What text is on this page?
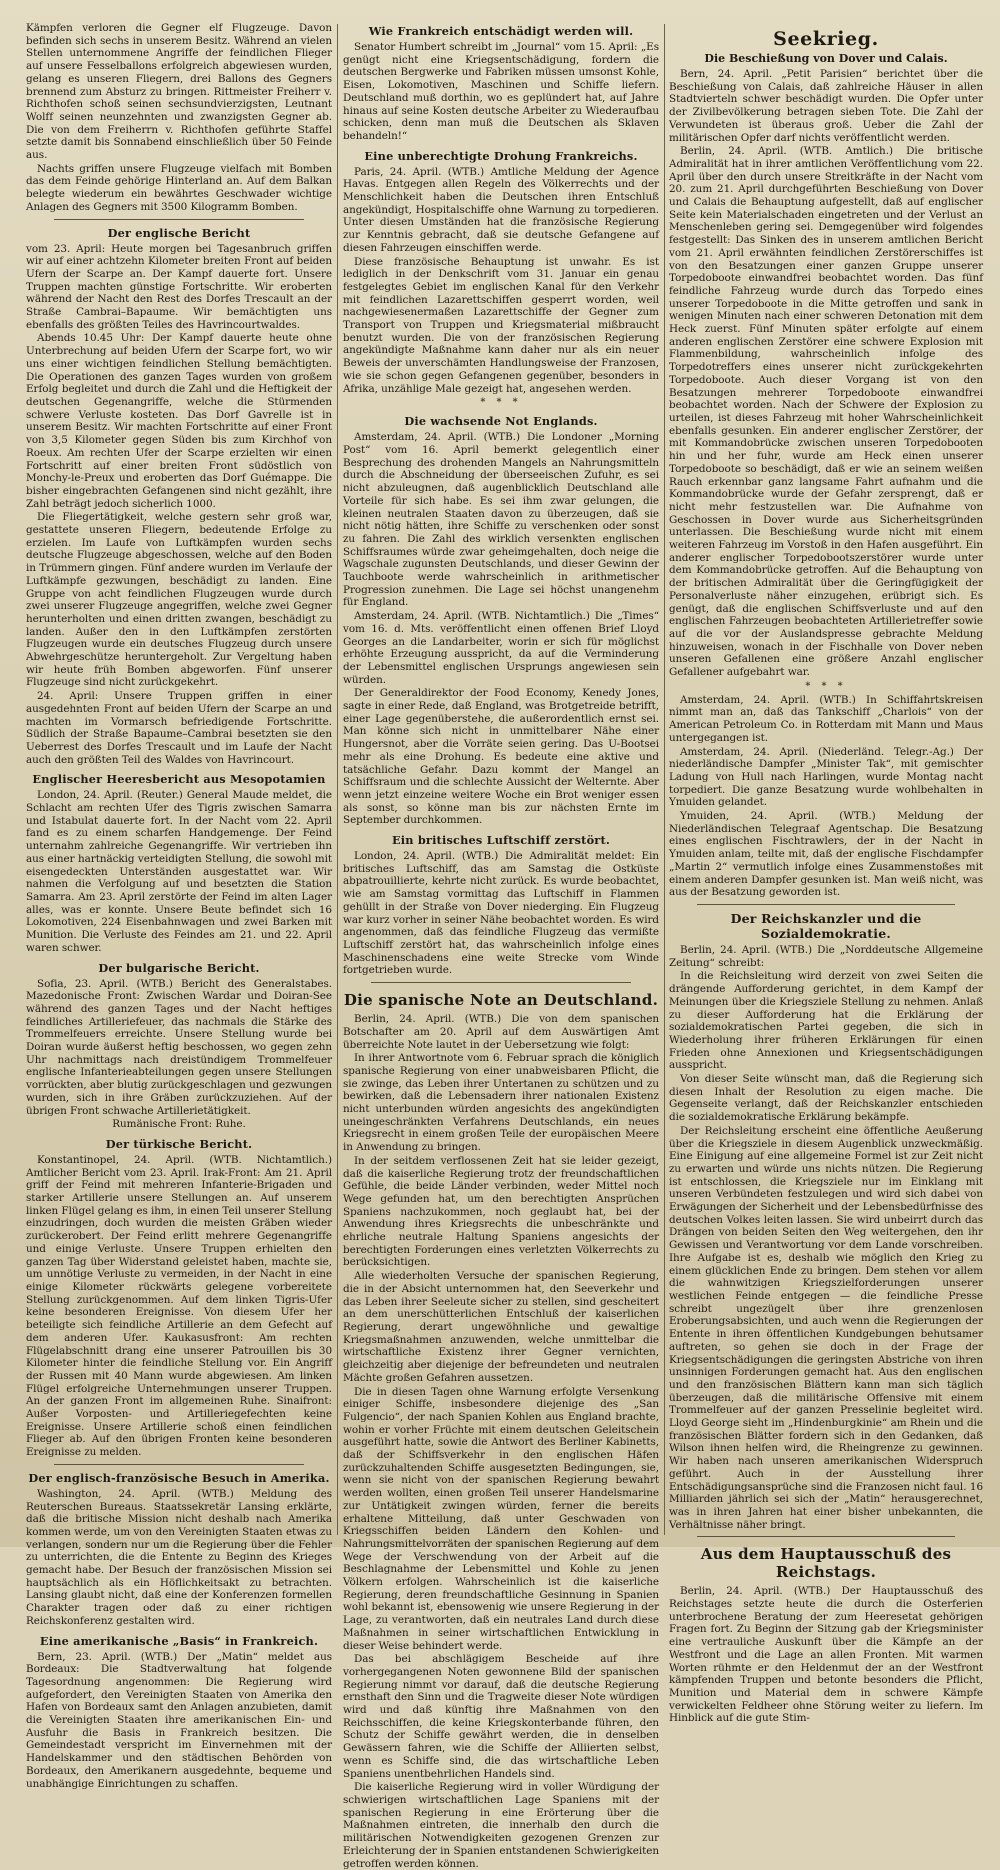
Kämpfen verloren die Gegner elf Flugzeuge. Davon befinden sich sechs in unserem Besitz. Während an vielen Stellen unternommene Angriffe der feindlichen Flieger auf unsere Fesselballons erfolgreich abgewiesen wurden, gelang es unseren Fliegern, drei Ballons des Gegners brennend zum Absturz zu bringen. Rittmeister Freiherr v. Richthofen schoß seinen sechsundvierzigsten, Leutnant Wolff seinen neunzehnten und zwanzigsten Gegner ab. Die von dem Freiherrn v. Richthofen geführte Staffel setzte damit bis Sonnabend einschließlich über 50 Feinde aus.

Nachts griffen unsere Flugzeuge vielfach mit Bomben das dem Feinde gehörige Hinterland an. Auf dem Balkan belegte wiederum ein bewährtes Geschwader wichtige Anlagen des Gegners mit 3500 Kilogramm Bomben.

Der englische Bericht

vom 23. April: Heute morgen bei Tagesanbruch griffen wir auf einer achtzehn Kilometer breiten Front auf beiden Ufern der Scarpe an. Der Kampf dauerte fort. Unsere Truppen machten günstige Fortschritte. Wir eroberten während der Nacht den Rest des Dorfes Trescault an der Straße Cambrai–Bapaume. Wir bemächtigten uns ebenfalls des größten Teiles des Havrincourtwaldes.

Abends 10.45 Uhr: Der Kampf dauerte heute ohne Unterbrechung auf beiden Ufern der Scarpe fort, wo wir uns einer wichtigen feindlichen Stellung bemächtigten. Die Operationen des ganzen Tages wurden von großem Erfolg begleitet und durch die Zahl und die Heftigkeit der deutschen Gegenangriffe, welche die Stürmenden schwere Verluste kosteten. Das Dorf Gavrelle ist in unserem Besitz. Wir machten Fortschritte auf einer Front von 3,5 Kilometer gegen Süden bis zum Kirchhof von Roeux. Am rechten Ufer der Scarpe erzielten wir einen Fortschritt auf einer breiten Front südöstlich von Monchy-le-Preux und eroberten das Dorf Guémappe. Die bisher eingebrachten Gefangenen sind nicht gezählt, ihre Zahl beträgt jedoch sicherlich 1000.

Die Fliegertätigkeit, welche gestern sehr groß war, gestattete unseren Fliegern, bedeutende Erfolge zu erzielen. Im Laufe von Luftkämpfen wurden sechs deutsche Flugzeuge abgeschossen, welche auf den Boden in Trümmern gingen. Fünf andere wurden im Verlaufe der Luftkämpfe gezwungen, beschädigt zu landen. Eine Gruppe von acht feindlichen Flugzeugen wurde durch zwei unserer Flugzeuge angegriffen, welche zwei Gegner herunterholten und einen dritten zwangen, beschädigt zu landen. Außer den in den Luftkämpfen zerstörten Flugzeugen wurde ein deutsches Flugzeug durch unsere Abwehrgeschütze heruntergeholt. Zur Vergeltung haben wir heute früh Bomben abgeworfen. Fünf unserer Flugzeuge sind nicht zurückgekehrt.

24. April: Unsere Truppen griffen in einer ausgedehnten Front auf beiden Ufern der Scarpe an und machten im Vormarsch befriedigende Fortschritte. Südlich der Straße Bapaume–Cambrai besetzten sie den Ueberrest des Dorfes Trescault und im Laufe der Nacht auch den größten Teil des Waldes von Havrincourt.

Englischer Heeresbericht aus Mesopotamien

London, 24. April. (Reuter.) General Maude meldet, die Schlacht am rechten Ufer des Tigris zwischen Samarra und Istabulat dauerte fort. In der Nacht vom 22. April fand es zu einem scharfen Handgemenge. Der Feind unternahm zahlreiche Gegenangriffe. Wir vertrieben ihn aus einer hartnäckig verteidigten Stellung, die sowohl mit eisengedeckten Unterständen ausgestattet war. Wir nahmen die Verfolgung auf und besetzten die Station Samarra. Am 23. April zerstörte der Feind im alten Lager alles, was er konnte. Unsere Beute befindet sich 16 Lokomotiven, 224 Eisenbahnwagen und zwei Barken mit Munition. Die Verluste des Feindes am 21. und 22. April waren schwer.

Der bulgarische Bericht.

Sofia, 23. April. (WTB.) Bericht des Generalstabes. Mazedonische Front: Zwischen Wardar und Doiran-See während des ganzen Tages und der Nacht heftiges feindliches Artilleriefeuer, das nachmals die Stärke des Trommelfeuers erreichte. Unsere Stellung wurde bei Doiran wurde äußerst heftig beschossen, wo gegen zehn Uhr nachmittags nach dreistündigem Trommelfeuer englische Infanterieabteilungen gegen unsere Stellungen vorrückten, aber blutig zurückgeschlagen und gezwungen wurden, sich in ihre Gräben zurückzuziehen. Auf der übrigen Front schwache Artillerietätigkeit.

Rumänische Front: Ruhe.

Der türkische Bericht.

Konstantinopel, 24. April. (WTB. Nichtamtlich.) Amtlicher Bericht vom 23. April. Irak-Front: Am 21. April griff der Feind mit mehreren Infanterie-Brigaden und starker Artillerie unsere Stellungen an. Auf unserem linken Flügel gelang es ihm, in einen Teil unserer Stellung einzudringen, doch wurden die meisten Gräben wieder zurückerobert. Der Feind erlitt mehrere Gegenangriffe und einige Verluste. Unsere Truppen erhielten den ganzen Tag über Widerstand geleistet haben, machte sie, um unnötige Verluste zu vermeiden, in der Nacht in eine einige Kilometer rückwärts gelegene vorbereitete Stellung zurückgenommen. Auf dem linken Tigris-Ufer keine besonderen Ereignisse. Von diesem Ufer her beteiligte sich feindliche Artillerie an dem Gefecht auf dem anderen Ufer. Kaukasusfront: Am rechten Flügelabschnitt drang eine unserer Patrouillen bis 30 Kilometer hinter die feindliche Stellung vor. Ein Angriff der Russen mit 40 Mann wurde abgewiesen. Am linken Flügel erfolgreiche Unternehmungen unserer Truppen. An der ganzen Front im allgemeinen Ruhe. Sinaifront: Außer Vorposten- und Artilleriegefechten keine Ereignisse. Unsere Artillerie schoß einen feindlichen Flieger ab. Auf den übrigen Fronten keine besonderen Ereignisse zu melden.

Der englisch-französische Besuch in Amerika.

Washington, 24. April. (WTB.) Meldung des Reuterschen Bureaus. Staatssekretär Lansing erklärte, daß die britische Mission nicht deshalb nach Amerika kommen werde, um von den Vereinigten Staaten etwas zu verlangen, sondern nur um die Regierung über die Fehler zu unterrichten, die die Entente zu Beginn des Krieges gemacht habe. Der Besuch der französischen Mission sei hauptsächlich als ein Höflichkeitsakt zu betrachten. Lansing glaubt nicht, daß eine der Konferenzen formellen Charakter tragen oder daß zu einer richtigen Reichskonferenz gestalten wird.

Eine amerikanische „Basis“ in Frankreich.

Bern, 23. April. (WTB.) Der „Matin“ meldet aus Bordeaux: Die Stadtverwaltung hat folgende Tagesordnung angenommen: Die Regierung wird aufgefordert, den Vereinigten Staaten von Amerika den Hafen von Bordeaux samt den Anlagen anzubieten, damit die Vereinigten Staaten ihre amerikanischen Ein- und Ausfuhr die Basis in Frankreich besitzen. Die Gemeindestadt verspricht im Einvernehmen mit der Handelskammer und den städtischen Behörden von Bordeaux, den Amerikanern ausgedehnte, bequeme und unabhängige Einrichtungen zu schaffen.

Wie Frankreich entschädigt werden will.

Senator Humbert schreibt im „Journal“ vom 15. April: „Es genügt nicht eine Kriegsentschädigung, fordern die deutschen Bergwerke und Fabriken müssen umsonst Kohle, Eisen, Lokomotiven, Maschinen und Schiffe liefern. Deutschland muß dorthin, wo es geplündert hat, auf Jahre hinaus auf seine Kosten deutsche Arbeiter zu Wiederaufbau schicken, denn man muß die Deutschen als Sklaven behandeln!“

Eine unberechtigte Drohung Frankreichs.

Paris, 24. April. (WTB.) Amtliche Meldung der Agence Havas. Entgegen allen Regeln des Völkerrechts und der Menschlichkeit haben die Deutschen ihren Entschluß angekündigt, Hospitalschiffe ohne Warnung zu torpedieren. Unter diesen Umständen hat die französische Regierung zur Kenntnis gebracht, daß sie deutsche Gefangene auf diesen Fahrzeugen einschiffen werde.

Diese französische Behauptung ist unwahr. Es ist lediglich in der Denkschrift vom 31. Januar ein genau festgelegtes Gebiet im englischen Kanal für den Verkehr mit feindlichen Lazarettschiffen gesperrt worden, weil nachgewiesenermaßen Lazarettschiffe der Gegner zum Transport von Truppen und Kriegsmaterial mißbraucht benutzt wurden. Die von der französischen Regierung angekündigte Maßnahme kann daher nur als ein neuer Beweis der unverschämten Handlungsweise der Franzosen, wie sie schon gegen Gefangenen gegenüber, besonders in Afrika, unzählige Male gezeigt hat, angesehen werden.

* * *
Die wachsende Not Englands.

Amsterdam, 24. April. (WTB.) Die Londoner „Morning Post“ vom 16. April bemerkt gelegentlich einer Besprechung des drohenden Mangels an Nahrungsmitteln durch die Abschneidung der überseeischen Zufuhr, es sei nicht abzuleugnen, daß augenblicklich Deutschland alle Vorteile für sich habe. Es sei ihm zwar gelungen, die kleinen neutralen Staaten davon zu überzeugen, daß sie nicht nötig hätten, ihre Schiffe zu verschenken oder sonst zu fahren. Die Zahl des wirklich versenkten englischen Schiffsraumes würde zwar geheimgehalten, doch neige die Wagschale zugunsten Deutschlands, und dieser Gewinn der Tauchboote werde wahrscheinlich in arithmetischer Progression zunehmen. Die Lage sei höchst unangenehm für England.

Amsterdam, 24. April. (WTB. Nichtamtlich.) Die „Times“ vom 16. d. Mts. veröffentlicht einen offenen Brief Lloyd Georges an die Landarbeiter, worin er sich für möglichst erhöhte Erzeugung ausspricht, da auf die Verminderung der Lebensmittel englischen Ursprungs angewiesen sein würden.

Der Generaldirektor der Food Economy, Kenedy Jones, sagte in einer Rede, daß England, was Brotgetreide betrifft, einer Lage gegenüberstehe, die außerordentlich ernst sei. Man könne sich nicht in unmittelbarer Nähe einer Hungersnot, aber die Vorräte seien gering. Das U-Bootsei mehr als eine Drohung. Es bedeute eine aktive und tatsächliche Gefahr. Dazu kommt der Mangel an Schiffsraum und die schlechte Aussicht der Welternte. Aber wenn jetzt einzeine weitere Woche ein Brot weniger essen als sonst, so könne man bis zur nächsten Ernte im September durchkommen.

Ein britisches Luftschiff zerstört.

London, 24. April. (WTB.) Die Admiralität meldet: Ein britisches Luftschiff, das am Samstag die Ostküste abpatrouillierte, kehrte nicht zurück. Es wurde beobachtet, wie am Samstag vormittag das Luftschiff in Flammen gehüllt in der Straße von Dover niederging. Ein Flugzeug war kurz vorher in seiner Nähe beobachtet worden. Es wird angenommen, daß das feindliche Flugzeug das vermißte Luftschiff zerstört hat, das wahrscheinlich infolge eines Maschinenschadens eine weite Strecke vom Winde fortgetrieben wurde.

Die spanische Note an Deutschland.

Berlin, 24. April. (WTB.) Die von dem spanischen Botschafter am 20. April auf dem Auswärtigen Amt überreichte Note lautet in der Uebersetzung wie folgt:

In ihrer Antwortnote vom 6. Februar sprach die königlich spanische Regierung von einer unabweisbaren Pflicht, die sie zwinge, das Leben ihrer Untertanen zu schützen und zu bewirken, daß die Lebensadern ihrer nationalen Existenz nicht unterbunden würden angesichts des angekündigten uneingeschränkten Verfahrens Deutschlands, ein neues Kriegsrecht in einem großen Teile der europäischen Meere in Anwendung zu bringen.

In der seitdem verflossenen Zeit hat sie leider gezeigt, daß die kaiserliche Regierung trotz der freundschaftlichen Gefühle, die beide Länder verbinden, weder Mittel noch Wege gefunden hat, um den berechtigten Ansprüchen Spaniens nachzukommen, noch geglaubt hat, bei der Anwendung ihres Kriegsrechts die unbeschränkte und ehrliche neutrale Haltung Spaniens angesichts der berechtigten Forderungen eines verletzten Völkerrechts zu berücksichtigen.

Alle wiederholten Versuche der spanischen Regierung, die in der Absicht unternommen hat, den Seeverkehr und das Leben ihrer Seeleute sicher zu stellen, sind gescheitert an dem unerschütterlichen Entschluß der kaiserlichen Regierung, derart ungewöhnliche und gewaltige Kriegsmaßnahmen anzuwenden, welche unmittelbar die wirtschaftliche Existenz ihrer Gegner vernichten, gleichzeitig aber diejenige der befreundeten und neutralen Mächte großen Gefahren aussetzen.

Die in diesen Tagen ohne Warnung erfolgte Versenkung einiger Schiffe, insbesondere diejenige des „San Fulgencio“, der nach Spanien Kohlen aus England brachte, wohin er vorher Früchte mit einem deutschen Geleitschein ausgeführt hatte, sowie die Antwort des Berliner Kabinetts, daß der Schiffsverkehr in den englischen Häfen zurückzuhaltenden Schiffe ausgesetzten Bedingungen, sie, wenn sie nicht von der spanischen Regierung bewahrt werden wollten, einen großen Teil unserer Handelsmarine zur Untätigkeit zwingen würden, ferner die bereits erhaltene Mitteilung, daß unter Geschwaden von Kriegsschiffen beiden Ländern den Kohlen- und Nahrungsmittelvorräten der spanischen Regierung auf dem Wege der Verschwendung von der Arbeit auf die Beschlagnahme der Lebensmittel und Kohle zu jenen Völkern erfolgen. Wahrscheinlich ist die kaiserliche Regierung, deren freundschaftliche Gesinnung in Spanien wohl bekannt ist, ebensowenig wie unsere Regierung in der Lage, zu verantworten, daß ein neutrales Land durch diese Maßnahmen in seiner wirtschaftlichen Entwicklung in dieser Weise behindert werde.

Das bei abschlägigem Bescheide auf ihre vorhergegangenen Noten gewonnene Bild der spanischen Regierung nimmt vor darauf, daß die deutsche Regierung ernsthaft den Sinn und die Tragweite dieser Note würdigen wird und daß künftig ihre Maßnahmen von den Reichsschiffen, die keine Kriegskonterbande führen, den Schutz der Schiffe gewährt werden, die in denselben Gewässern fahren, wie die Schiffe der Alliierten selbst, wenn es Schiffe sind, die das wirtschaftliche Leben Spaniens unentbehrlichen Handels sind.

Die kaiserliche Regierung wird in voller Würdigung der schwierigen wirtschaftlichen Lage Spaniens mit der spanischen Regierung in eine Erörterung über die Maßnahmen eintreten, die innerhalb den durch die militärischen Notwendigkeiten gezogenen Grenzen zur Erleichterung der in Spanien entstandenen Schwierigkeiten getroffen werden können.

Seekrieg.
Die Beschießung von Dover und Calais.

Bern, 24. April. „Petit Parisien“ berichtet über die Beschießung von Calais, daß zahlreiche Häuser in allen Stadtvierteln schwer beschädigt wurden. Die Opfer unter der Zivilbevölkerung betragen sieben Tote. Die Zahl der Verwundeten ist überaus groß. Ueber die Zahl der militärischen Opfer darf nichts veröffentlicht werden.

Berlin, 24. April. (WTB. Amtlich.) Die britische Admiralität hat in ihrer amtlichen Veröffentlichung vom 22. April über den durch unsere Streitkräfte in der Nacht vom 20. zum 21. April durchgeführten Beschießung von Dover und Calais die Behauptung aufgestellt, daß auf englischer Seite kein Materialschaden eingetreten und der Verlust an Menschenleben gering sei. Demgegenüber wird folgendes festgestellt: Das Sinken des in unserem amtlichen Bericht vom 21. April erwähnten feindlichen Zerstörerschiffes ist von den Besatzungen einer ganzen Gruppe unserer Torpedoboote einwandfrei beobachtet worden. Das fünf feindliche Fahrzeug wurde durch das Torpedo eines unserer Torpedoboote in die Mitte getroffen und sank in wenigen Minuten nach einer schweren Detonation mit dem Heck zuerst. Fünf Minuten später erfolgte auf einem anderen englischen Zerstörer eine schwere Explosion mit Flammenbildung, wahrscheinlich infolge des Torpedotreffers eines unserer nicht zurückgekehrten Torpedoboote. Auch dieser Vorgang ist von den Besatzungen mehrerer Torpedoboote einwandfrei beobachtet worden. Nach der Schwere der Explosion zu urteilen, ist dieses Fahrzeug mit hoher Wahrscheinlichkeit ebenfalls gesunken. Ein anderer englischer Zerstörer, der mit Kommandobrücke zwischen unseren Torpedobooten hin und her fuhr, wurde am Heck einen unserer Torpedoboote so beschädigt, daß er wie an seinem weißen Rauch erkennbar ganz langsame Fahrt aufnahm und die Kommandobrücke wurde der Gefahr zersprengt, daß er nicht mehr festzustellen war. Die Aufnahme von Geschossen in Dover wurde aus Sicherheitsgründen unterlassen. Die Beschießung wurde nicht mit einem weiteren Fahrzeug im Vorstoß in den Hafen ausgeführt. Ein anderer englischer Torpedobootszerstörer wurde unter dem Kommandobrücke getroffen. Auf die Behauptung von der britischen Admiralität über die Geringfügigkeit der Personalverluste näher einzugehen, erübrigt sich. Es genügt, daß die englischen Schiffsverluste und auf den englischen Fahrzeugen beobachteten Artillerietreffer sowie auf die vor der Auslandspresse gebrachte Meldung hinzuweisen, wonach in der Fischhalle von Dover neben unseren Gefallenen eine größere Anzahl englischer Gefallener aufgebahrt war.

* * *

Amsterdam, 24. April. (WTB.) In Schiffahrtskreisen nimmt man an, daß das Tankschiff „Charlois“ von der American Petroleum Co. in Rotterdam mit Mann und Maus untergegangen ist.

Amsterdam, 24. April. (Niederländ. Telegr.-Ag.) Der niederländische Dampfer „Minister Tak“, mit gemischter Ladung von Hull nach Harlingen, wurde Montag nacht torpediert. Die ganze Besatzung wurde wohlbehalten in Ymuiden gelandet.

Ymuiden, 24. April. (WTB.) Meldung der Niederländischen Telegraaf Agentschap. Die Besatzung eines englischen Fischtrawlers, der in der Nacht in Ymuiden anlam, teilte mit, daß der englische Fischdampfer „Martin 2“ vermutlich infolge eines Zusammenstoßes mit einem anderen Dampfer gesunken ist. Man weiß nicht, was aus der Besatzung geworden ist.

Der Reichskanzler und die Sozialdemokratie.

Berlin, 24. April. (WTB.) Die „Norddeutsche Allgemeine Zeitung“ schreibt:

In die Reichsleitung wird derzeit von zwei Seiten die drängende Aufforderung gerichtet, in dem Kampf der Meinungen über die Kriegsziele Stellung zu nehmen. Anlaß zu dieser Aufforderung hat die Erklärung der sozialdemokratischen Partei gegeben, die sich in Wiederholung ihrer früheren Erklärungen für einen Frieden ohne Annexionen und Kriegsentschädigungen ausspricht.

Von dieser Seite wünscht man, daß die Regierung sich diesen Inhalt der Resolution zu eigen mache. Die Gegenseite verlangt, daß der Reichskanzler entschieden die sozialdemokratische Erklärung bekämpfe.

Der Reichsleitung erscheint eine öffentliche Aeußerung über die Kriegsziele in diesem Augenblick unzweckmäßig. Eine Einigung auf eine allgemeine Formel ist zur Zeit nicht zu erwarten und würde uns nichts nützen. Die Regierung ist entschlossen, die Kriegsziele nur im Einklang mit unseren Verbündeten festzulegen und wird sich dabei von Erwägungen der Sicherheit und der Lebensbedürfnisse des deutschen Volkes leiten lassen. Sie wird unbeirrt durch das Drängen von beiden Seiten den Weg weitergehen, den ihr Gewissen und Verantwortung vor dem Lande vorschreiben. Ihre Aufgabe ist es, deshalb wie möglich den Krieg zu einem glücklichen Ende zu bringen. Dem stehen vor allem die wahnwitzigen Kriegszielforderungen unserer westlichen Feinde entgegen — die feindliche Presse schreibt ungezügelt über ihre grenzenlosen Eroberungsabsichten, und auch wenn die Regierungen der Entente in ihren öffentlichen Kundgebungen behutsamer auftreten, so gehen sie doch in der Frage der Kriegsentschädigungen die geringsten Abstriche von ihren unsinnigen Forderungen gemacht hat. Aus den englischen und den französischen Blättern kann man sich täglich überzeugen, daß die militärische Offensive mit einem Trommelfeuer auf der ganzen Presselinie begleitet wird. Lloyd George sieht im „Hindenburgkinie“ am Rhein und die französischen Blätter fordern sich in den Gedanken, daß Wilson ihnen helfen wird, die Rheingrenze zu gewinnen. Wir haben nach unseren amerikanischen Widerspruch geführt. Auch in der Ausstellung ihrer Entschädigungsansprüche sind die Franzosen nicht faul. 16 Milliarden jährlich sei sich der „Matin“ herausgerechnet, was in ihren Jahren hat einer bisher unbekannten, die Verhältnisse näher bringt.

Aus dem Hauptausschuß des Reichstags.

Berlin, 24. April. (WTB.) Der Hauptausschuß des Reichstages setzte heute die durch die Osterferien unterbrochene Beratung der zum Heeresetat gehörigen Fragen fort. Zu Beginn der Sitzung gab der Kriegsminister eine vertrauliche Auskunft über die Kämpfe an der Westfront und die Lage an allen Fronten. Mit warmen Worten rühmte er den Heldenmut der an der Westfront kämpfenden Truppen und betonte besonders die Pflicht, Munition und Material dem in schwere Kämpfe verwickelten Feldheer ohne Störung weiter zu liefern. Im Hinblick auf die gute Stim-
